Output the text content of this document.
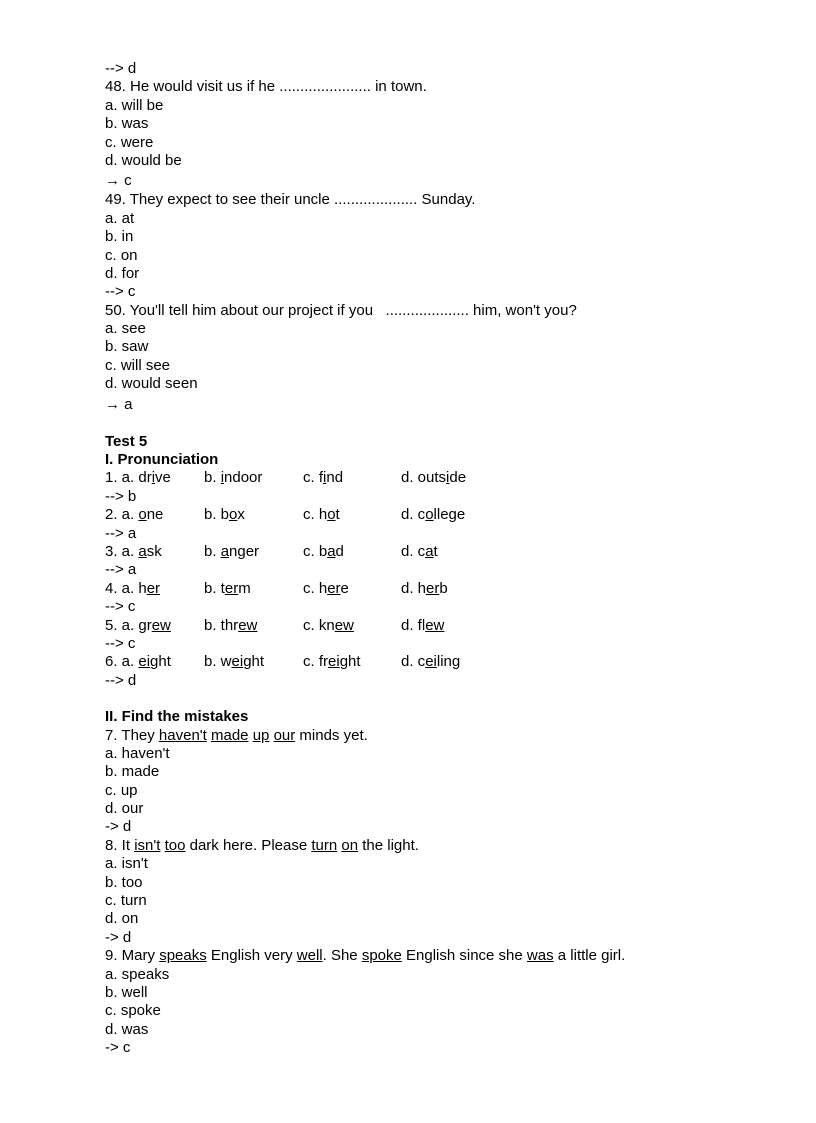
--> d
48. He would visit us if he ...................... in town.
a. will be
b. was
c. were
d. would be
→ c
49. They expect to see their uncle .................... Sunday.
a. at
b. in
c. on
d. for
--> c
50. You'll tell him about our project if you   .................... him, won't you?
a. see
b. saw
c. will see
d. would seen
→ a
Test 5
I. Pronunciation

1. a. drive

b. indoor

	c. find

	d. outside

--> b

2. a. one

	b. box

	c. hot

	d. college

--> a

3. a. ask

	b. anger

	c. bad

	d. cat

--> a

4. a. her

	b. term

	c. here

	d. herb

--> c

5. a. grew

b. threw

	c. knew

	d. flew

--> c

6. a. eight

b. weight

	c. freight

	d. ceiling

--> d
II. Find the mistakes
7. They haven't made up our minds yet.
a. haven't
b. made
c. up
d. our
-> d
8. It isn't too dark here. Please turn on the light.
a. isn't
b. too
c. turn
d. on
-> d
9. Mary speaks English very well. She spoke English since she was a little girl.
a. speaks
b. well
c. spoke
d. was
-> c
